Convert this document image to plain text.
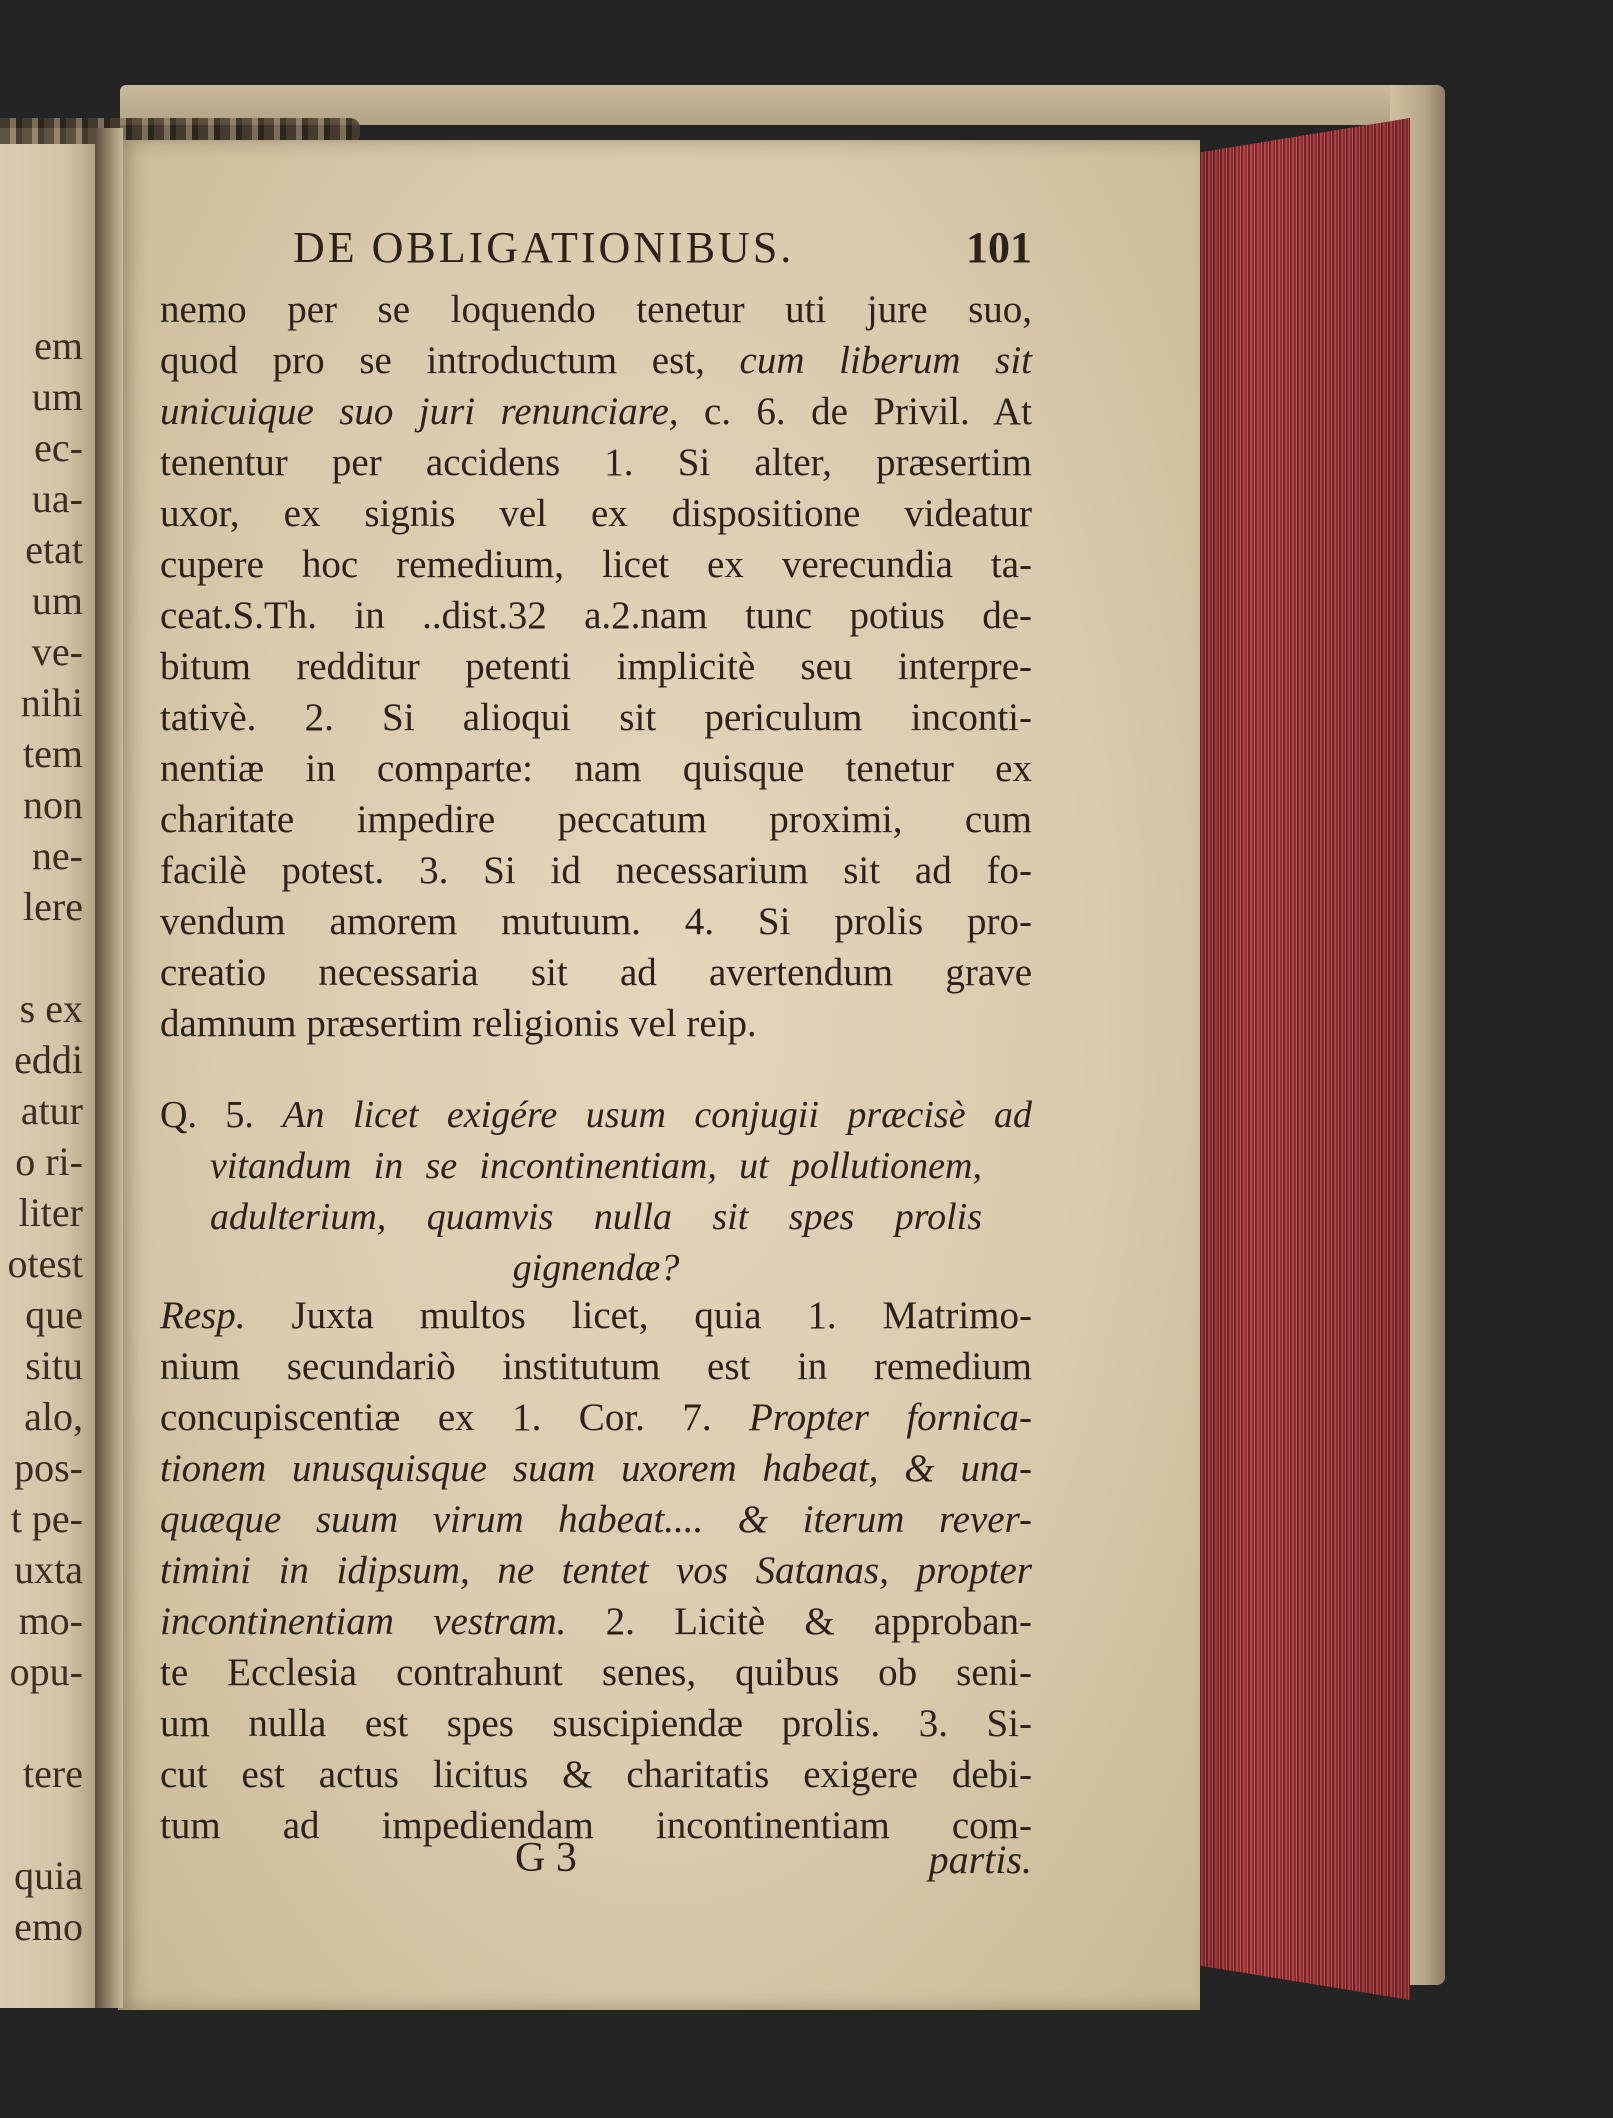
em
um
ec-
ua-
etat
um
ve-
nihi
tem
non
ne-
lere
s ex
eddi
atur
o ri-
liter
otest
que
situ
alo,
pos-
t pe-
uxta
mo-
opu-
tere
quia
emo
DE OBLIGATIONIBUS.	101
nemo per se loquendo tenetur uti jure suo,
quod pro se introductum est, cum liberum sit
unicuique suo juri renunciare, c. 6. de Privil. At
tenentur per accidens 1. Si alter, præsertim
uxor, ex signis vel ex dispositione videatur
cupere hoc remedium, licet ex verecundia ta-
ceat.S.Th. in ..dist.32 a.2.nam tunc potius de-
bitum redditur petenti implicitè seu interpre-
tativè. 2. Si alioqui sit periculum inconti-
nentiæ in comparte: nam quisque tenetur ex
charitate impedire peccatum proximi, cum
facilè potest. 3. Si id necessarium sit ad fo-
vendum amorem mutuum. 4. Si prolis pro-
creatio necessaria sit ad avertendum grave
damnum præsertim religionis vel reip.
Q. 5. An licet exigére usum conjugii præcisè ad
vitandum in se incontinentiam, ut pollutionem,
adulterium, quamvis nulla sit spes prolis
gignendæ?
Resp. Juxta multos licet, quia 1. Matrimo-
nium secundariò institutum est in remedium
concupiscentiæ ex 1. Cor. 7. Propter fornica-
tionem unusquisque suam uxorem habeat, & una-
quæque suum virum habeat.... & iterum rever-
timini in idipsum, ne tentet vos Satanas, propter
incontinentiam vestram. 2. Licitè & approban-
te Ecclesia contrahunt senes, quibus ob seni-
um nulla est spes suscipiendæ prolis. 3. Si-
cut est actus licitus & charitatis exigere debi-
tum ad impediendam incontinentiam com-
G 3	partis.
